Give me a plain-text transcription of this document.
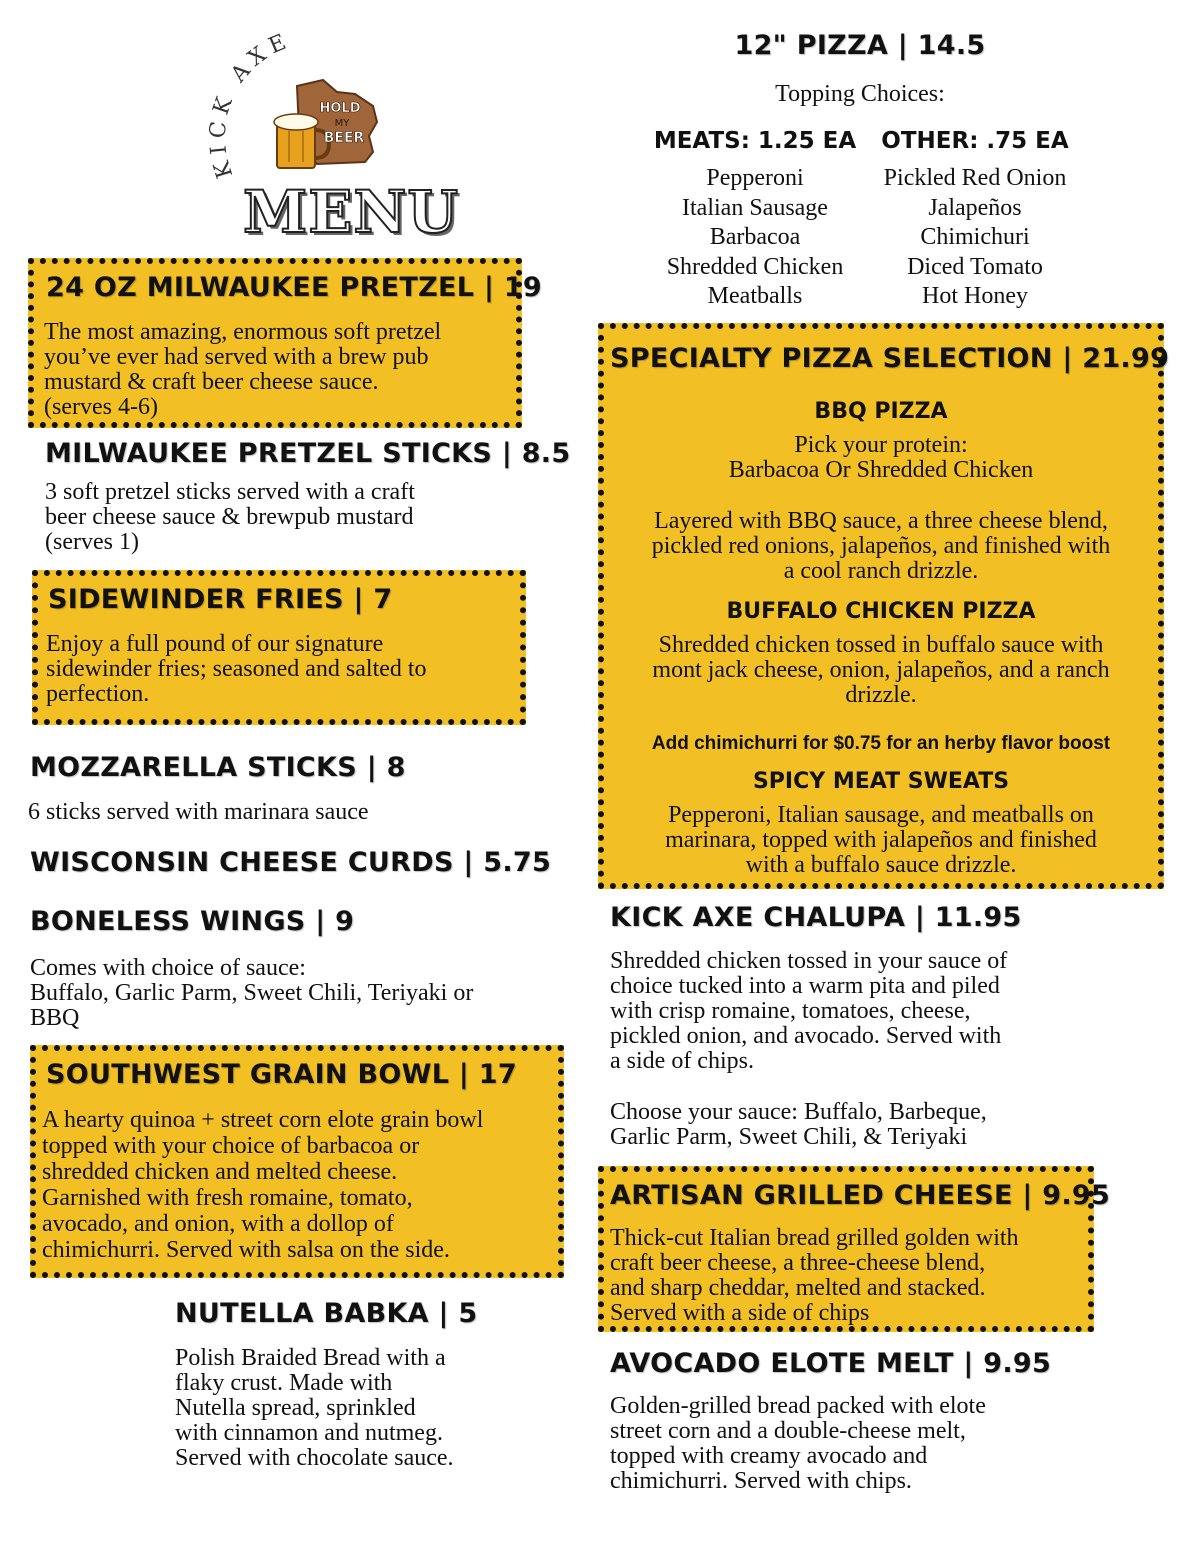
KICK AXE
HOLD
MY
BEER
MENU

24 OZ MILWAUKEE PRETZEL | 19

The most amazing, enormous soft pretzel
you’ve ever had served with a brew pub
mustard & craft beer cheese sauce.
(serves 4-6)

MILWAUKEE PRETZEL STICKS | 8.5

3 soft pretzel sticks served with a craft
beer cheese sauce & brewpub mustard
(serves 1)

SIDEWINDER FRIES | 7

Enjoy a full pound of our signature
sidewinder fries; seasoned and salted to
perfection.

MOZZARELLA STICKS | 8

6 sticks served with marinara sauce

WISCONSIN CHEESE CURDS | 5.75

BONELESS WINGS | 9

Comes with choice of sauce:
Buffalo, Garlic Parm, Sweet Chili, Teriyaki or
BBQ

SOUTHWEST GRAIN BOWL | 17

A hearty quinoa + street corn elote grain bowl
topped with your choice of barbacoa or
shredded chicken and melted cheese.
Garnished with fresh romaine, tomato,
avocado, and onion, with a dollop of
chimichurri. Served with salsa on the side.

NUTELLA BABKA | 5

Polish Braided Bread with a
flaky crust. Made with
Nutella spread, sprinkled
with cinnamon and nutmeg.
Served with chocolate sauce.

12" PIZZA | 14.5

Topping Choices:

MEATS: 1.25 EA

Pepperoni
Italian Sausage
Barbacoa
Shredded Chicken
Meatballs

OTHER: .75 EA

Pickled Red Onion
Jalapeños
Chimichuri
Diced Tomato
Hot Honey

SPECIALTY PIZZA SELECTION | 21.99

BBQ PIZZA

Pick your protein:
Barbacoa Or Shredded Chicken

Layered with BBQ sauce, a three cheese blend,
pickled red onions, jalapeños, and finished with
a cool ranch drizzle.

BUFFALO CHICKEN PIZZA

Shredded chicken tossed in buffalo sauce with
mont jack cheese, onion, jalapeños, and a ranch
drizzle.

Add chimichurri for $0.75 for an herby flavor boost

SPICY MEAT SWEATS

Pepperoni, Italian sausage, and meatballs on
marinara, topped with jalapeños and finished
with a buffalo sauce drizzle.

KICK AXE CHALUPA | 11.95

Shredded chicken tossed in your sauce of
choice tucked into a warm pita and piled
with crisp romaine, tomatoes, cheese,
pickled onion, and avocado. Served with
a side of chips.

Choose your sauce: Buffalo, Barbeque,
Garlic Parm, Sweet Chili, & Teriyaki

ARTISAN GRILLED CHEESE | 9.95

Thick-cut Italian bread grilled golden with
craft beer cheese, a three-cheese blend,
and sharp cheddar, melted and stacked.
Served with a side of chips

AVOCADO ELOTE MELT | 9.95

Golden-grilled bread packed with elote
street corn and a double-cheese melt,
topped with creamy avocado and
chimichurri. Served with chips.
